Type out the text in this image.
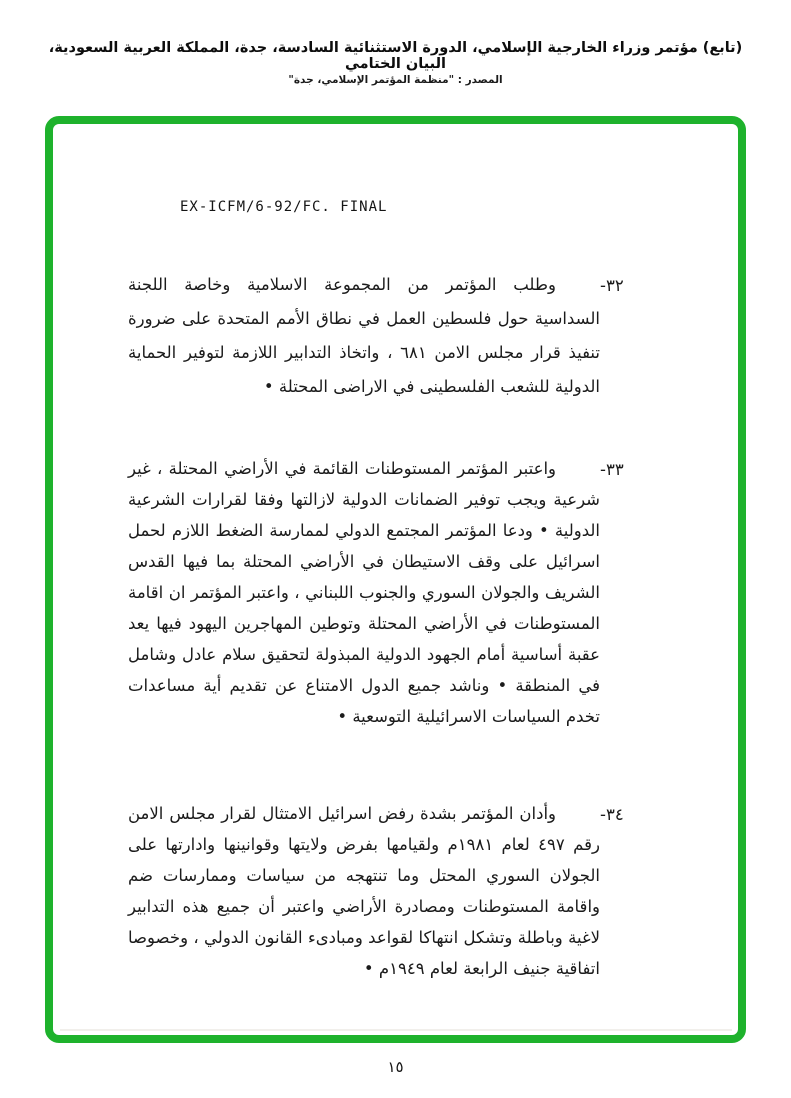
(تابع) مؤتمر وزراء الخارجية الإسلامي، الدورة الاستثنائية السادسة، جدة، المملكة العربية السعودية، البيان الختامي
المصدر : "منظمة المؤتمر الإسلامي، جدة"
EX-ICFM/6-92/FC. FINAL
-٣٢
وطلب المؤتمر من المجموعة الاسلامية وخاصة اللجنة السداسية حول فلسطين العمل في نطاق الأمم المتحدة على ضرورة تنفيذ قرار مجلس الامن ٦٨١ ، واتخاذ التدابير اللازمة لتوفير الحماية الدولية للشعب الفلسطينى في الاراضى المحتلة •
-٣٣
واعتبر المؤتمر المستوطنات القائمة في الأراضي المحتلة ، غير شرعية ويجب توفير الضمانات الدولية لازالتها وفقا لقرارات الشرعية الدولية • ودعا المؤتمر المجتمع الدولي لممارسة الضغط اللازم لحمل اسرائيل على وقف الاستيطان في الأراضي المحتلة بما فيها القدس الشريف والجولان السوري والجنوب اللبناني ، واعتبر المؤتمر ان اقامة المستوطنات في الأراضي المحتلة وتوطين المهاجرين اليهود فيها يعد عقبة أساسية أمام الجهود الدولية المبذولة لتحقيق سلام عادل وشامل في المنطقة • وناشد جميع الدول الامتناع عن تقديم أية مساعدات تخدم السياسات الاسرائيلية التوسعية •
-٣٤
وأدان المؤتمر بشدة رفض اسرائيل الامتثال لقرار مجلس الامن رقم ٤٩٧ لعام ١٩٨١م ولقيامها بفرض ولايتها وقوانينها وادارتها على الجولان السوري المحتل وما تنتهجه من سياسات وممارسات ضم واقامة المستوطنات ومصادرة الأراضي واعتبر أن جميع هذه التدابير لاغية وباطلة وتشكل انتهاكا لقواعد ومبادىء القانون الدولي ، وخصوصا اتفاقية جنيف الرابعة لعام ١٩٤٩م •
١٥
